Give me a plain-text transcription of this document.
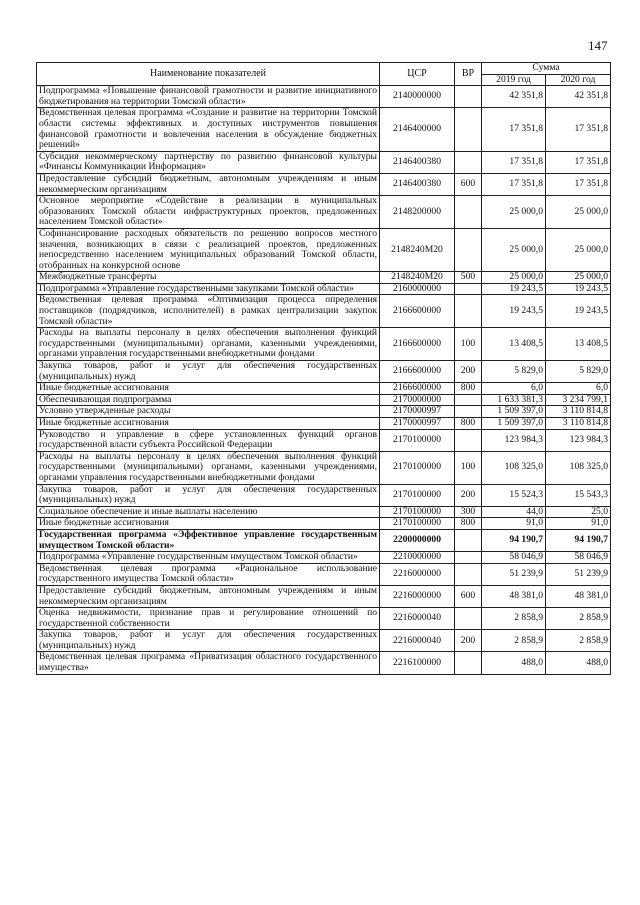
147
Наименование показателей	ЦСР	ВР	Сумма	
			2019 год	2020 год
Подпрограмма «Повышение финансовой грамотности и развитие инициативного бюджетирования на территории Томской области»	2140000000		42 351,8	42 351,8
Ведомственная целевая программа «Создание и развитие на территории Томской области системы эффективных и доступных инструментов повышения финансовой грамотности и вовлечения населения в обсуждение бюджетных решений»	2146400000		17 351,8	17 351,8
Субсидия некоммерческому партнерству по развитию финансовой культуры «Финансы Коммуникации Информация»	2146400380		17 351,8	17 351,8
Предоставление субсидий бюджетным, автономным учреждениям и иным некоммерческим организациям	2146400380	600	17 351,8	17 351,8
Основное мероприятие «Содействие в реализации в муниципальных образованиях Томской области инфраструктурных проектов, предложенных населением Томской области»	2148200000		25 000,0	25 000,0
Софинансирование расходных обязательств по решению вопросов местного значения, возникающих в связи с реализацией проектов, предложенных непосредственно населением муниципальных образований Томской области, отобранных на конкурсной основе	2148240M20		25 000,0	25 000,0
Межбюджетные трансферты	2148240M20	500	25 000,0	25 000,0
Подпрограмма «Управление государственными закупками Томской области»	2160000000		19 243,5	19 243,5
Ведомственная целевая программа «Оптимизация процесса определения поставщиков (подрядчиков, исполнителей) в рамках централизации закупок Томской области»	2166600000		19 243,5	19 243,5
Расходы на выплаты персоналу в целях обеспечения выполнения функций государственными (муниципальными) органами, казенными учреждениями, органами управления государственными внебюджетными фондами	2166600000	100	13 408,5	13 408,5
Закупка товаров, работ и услуг для обеспечения государственных (муниципальных) нужд	2166600000	200	5 829,0	5 829,0
Иные бюджетные ассигнования	2166600000	800	6,0	6,0
Обеспечивающая подпрограмма	2170000000		1 633 381,3	3 234 799,1
Условно утвержденные расходы	2170000997		1 509 397,0	3 110 814,8
Иные бюджетные ассигнования	2170000997	800	1 509 397,0	3 110 814,8
Руководство и управление в сфере установленных функций органов государственной власти субъекта Российской Федерации	2170100000		123 984,3	123 984,3
Расходы на выплаты персоналу в целях обеспечения выполнения функций государственными (муниципальными) органами, казенными учреждениями, органами управления государственными внебюджетными фондами	2170100000	100	108 325,0	108 325,0
Закупка товаров, работ и услуг для обеспечения государственных (муниципальных) нужд	2170100000	200	15 524,3	15 543,3
Социальное обеспечение и иные выплаты населению	2170100000	300	44,0	25,0
Иные бюджетные ассигнования	2170100000	800	91,0	91,0
Государственная программа «Эффективное управление государственным имуществом Томской области»	2200000000		94 190,7	94 190,7
Подпрограмма «Управление государственным имуществом Томской области»	2210000000		58 046,9	58 046,9
Ведомственная целевая программа «Рациональное использование государственного имущества Томской области»	2216000000		51 239,9	51 239,9
Предоставление субсидий бюджетным, автономным учреждениям и иным некоммерческим организациям	2216000000	600	48 381,0	48 381,0
Оценка недвижимости, признание прав и регулирование отношений по государственной собственности	2216000040		2 858,9	2 858,9
Закупка товаров, работ и услуг для обеспечения государственных (муниципальных) нужд	2216000040	200	2 858,9	2 858,9
Ведомственная целевая программа «Приватизация областного государственного имущества»	2216100000		488,0	488,0
